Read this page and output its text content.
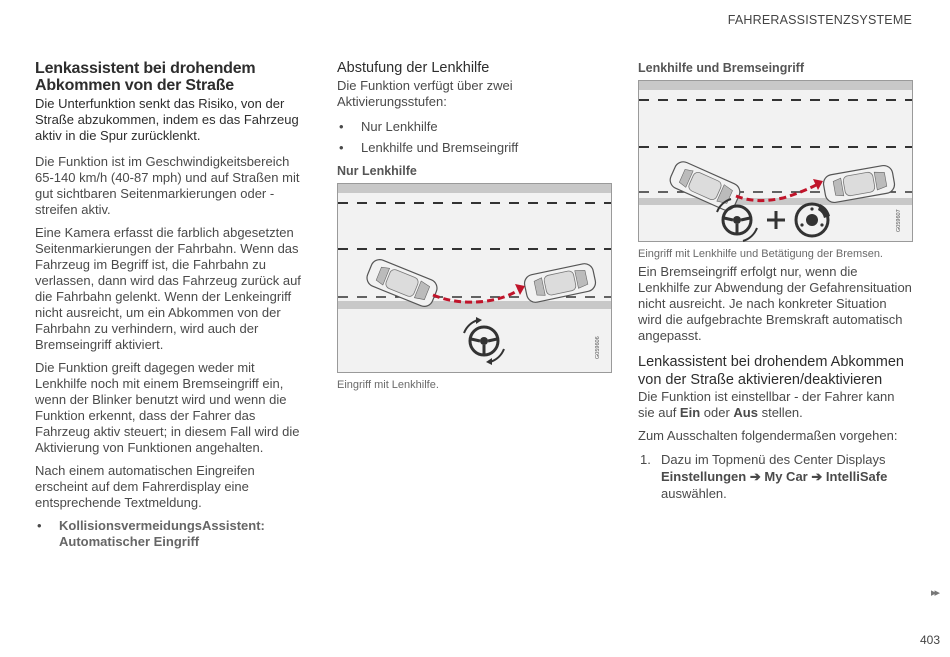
FAHRERASSISTENZSYSTEME
Lenkassistent bei drohendem Abkommen von der Straße
Die Unterfunktion senkt das Risiko, von der Straße abzukommen, indem es das Fahrzeug aktiv in die Spur zurücklenkt.

Die Funktion ist im Geschwindigkeitsbereich 65-140 km/h (40-87 mph) und auf Straßen mit gut sichtbaren Seitenmarkierungen oder -streifen aktiv.

Eine Kamera erfasst die farblich abgesetzten Seitenmarkierungen der Fahrbahn. Wenn das Fahrzeug im Begriff ist, die Fahrbahn zu verlassen, dann wird das Fahrzeug zurück auf die Fahrbahn gelenkt. Wenn der Lenkeingriff nicht ausreicht, um ein Abkommen von der Fahrbahn zu verhindern, wird auch der Bremseingriff aktiviert.

Die Funktion greift dagegen weder mit Lenkhilfe noch mit einem Bremseingriff ein, wenn der Blinker benutzt wird und wenn die Funktion erkennt, dass der Fahrer das Fahrzeug aktiv steuert; in diesem Fall wird die Aktivierung von Funktionen angehalten.

Nach einem automatischen Eingreifen erscheint auf dem Fahrerdisplay eine entsprechende Textmeldung.

• KollisionsvermeidungsAssistent: Automatischer Eingriff
Abstufung der Lenkhilfe

Die Funktion verfügt über zwei Aktivierungsstufen:

• Nur Lenkhilfe
• Lenkhilfe und Bremseingriff
Nur Lenkhilfe
G059606
Eingriff mit Lenkhilfe.
Lenkhilfe und Bremseingriff
G059607
Eingriff mit Lenkhilfe und Betätigung der Bremsen.

Ein Bremseingriff erfolgt nur, wenn die Lenkhilfe zur Abwendung der Gefahrensituation nicht ausreicht. Je nach konkreter Situation wird die aufgebrachte Bremskraft automatisch angepasst.

Lenkassistent bei drohendem Abkommen von der Straße aktivieren/deaktivieren

Die Funktion ist einstellbar - der Fahrer kann sie auf Ein oder Aus stellen.

Zum Ausschalten folgendermaßen vorgehen:

1. Dazu im Topmenü des Center Displays
Einstellungen ➔ My Car ➔ IntelliSafe
auswählen.
▸▸
403
